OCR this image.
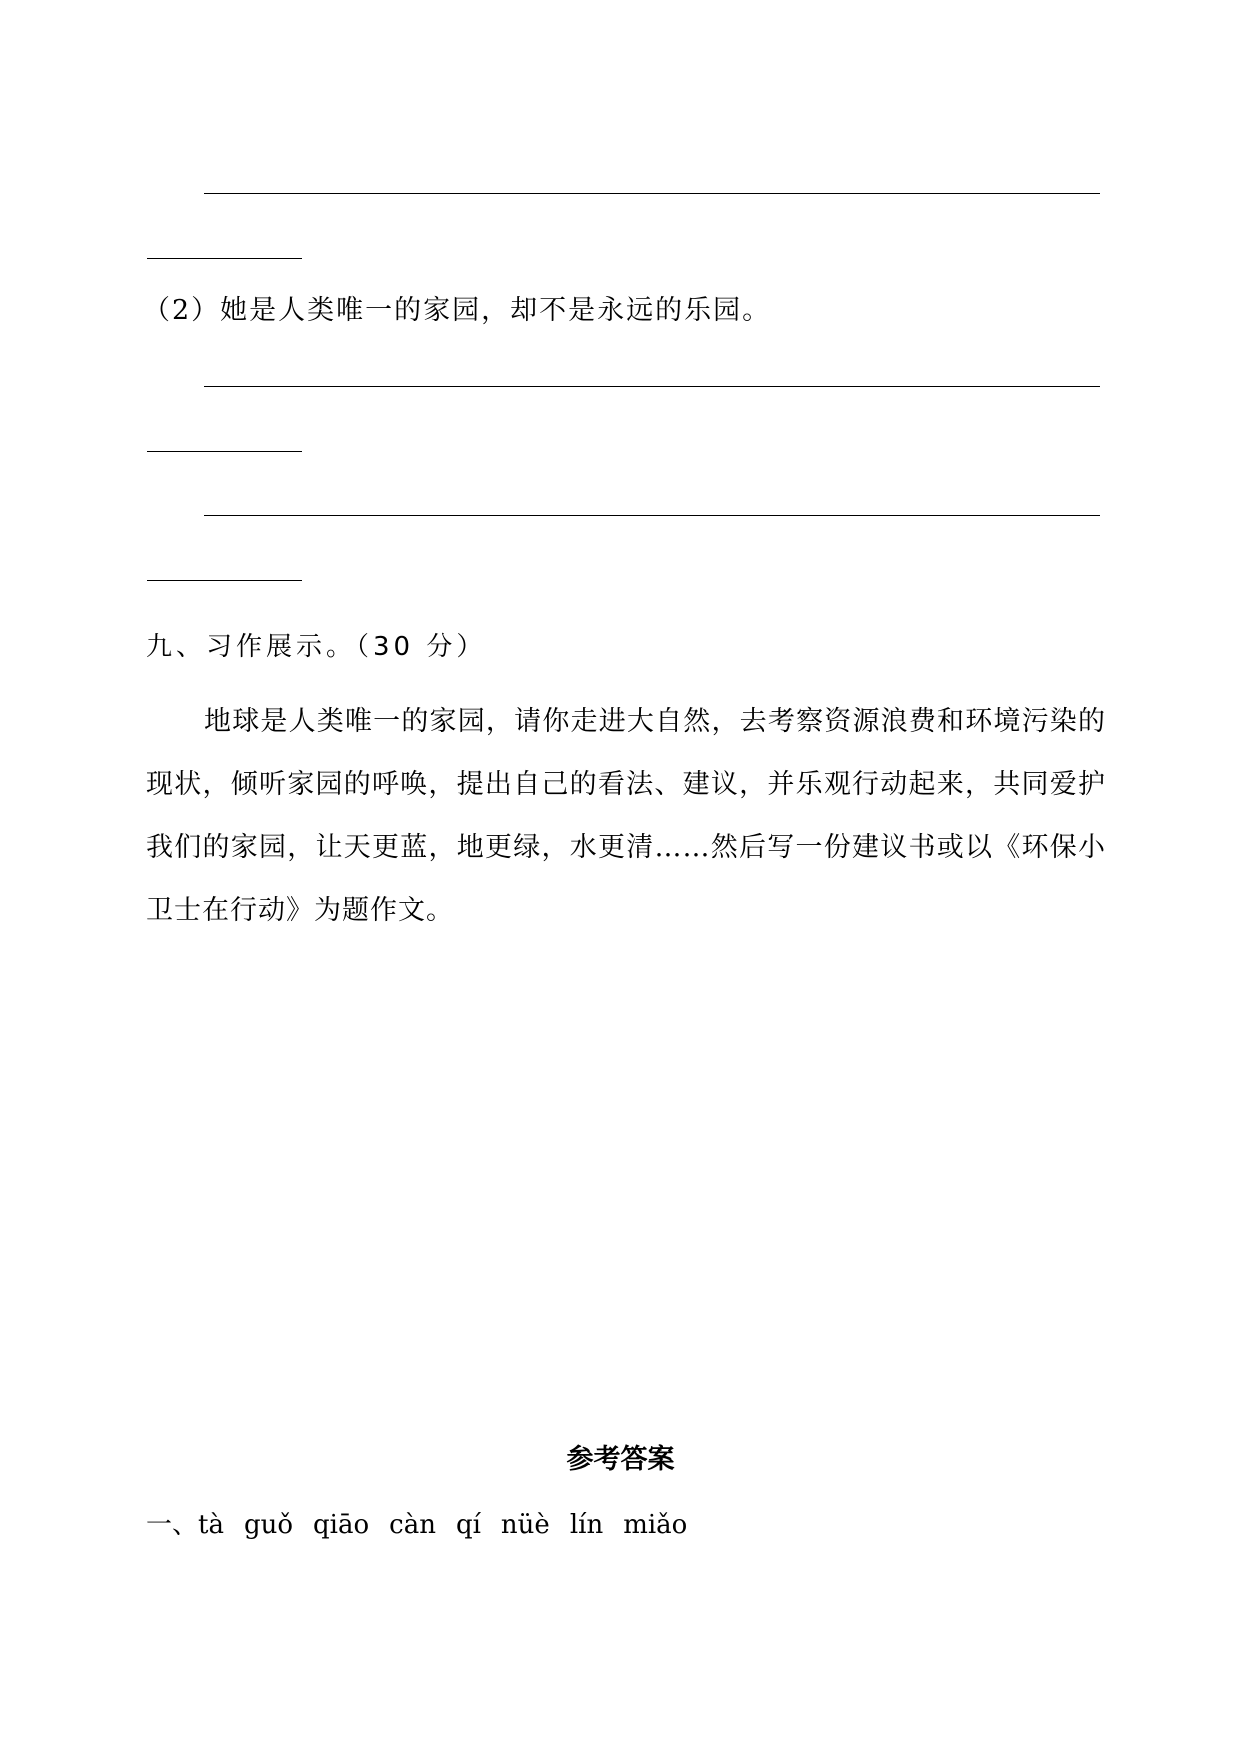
（2）她是人类唯一的家园，却不是永远的乐园。
九、习作展示。（30 分）
地球是人类唯一的家园，请你走进大自然，去考察资源浪费和环境污染的现状，倾听家园的呼唤，提出自己的看法、建议，并乐观行动起来，共同爱护我们的家园，让天更蓝，地更绿，水更清……然后写一份建议书或以《环保小卫士在行动》为题作文。
参考答案
一、tà guǒ qiāo càn qí nüè lín miǎo
